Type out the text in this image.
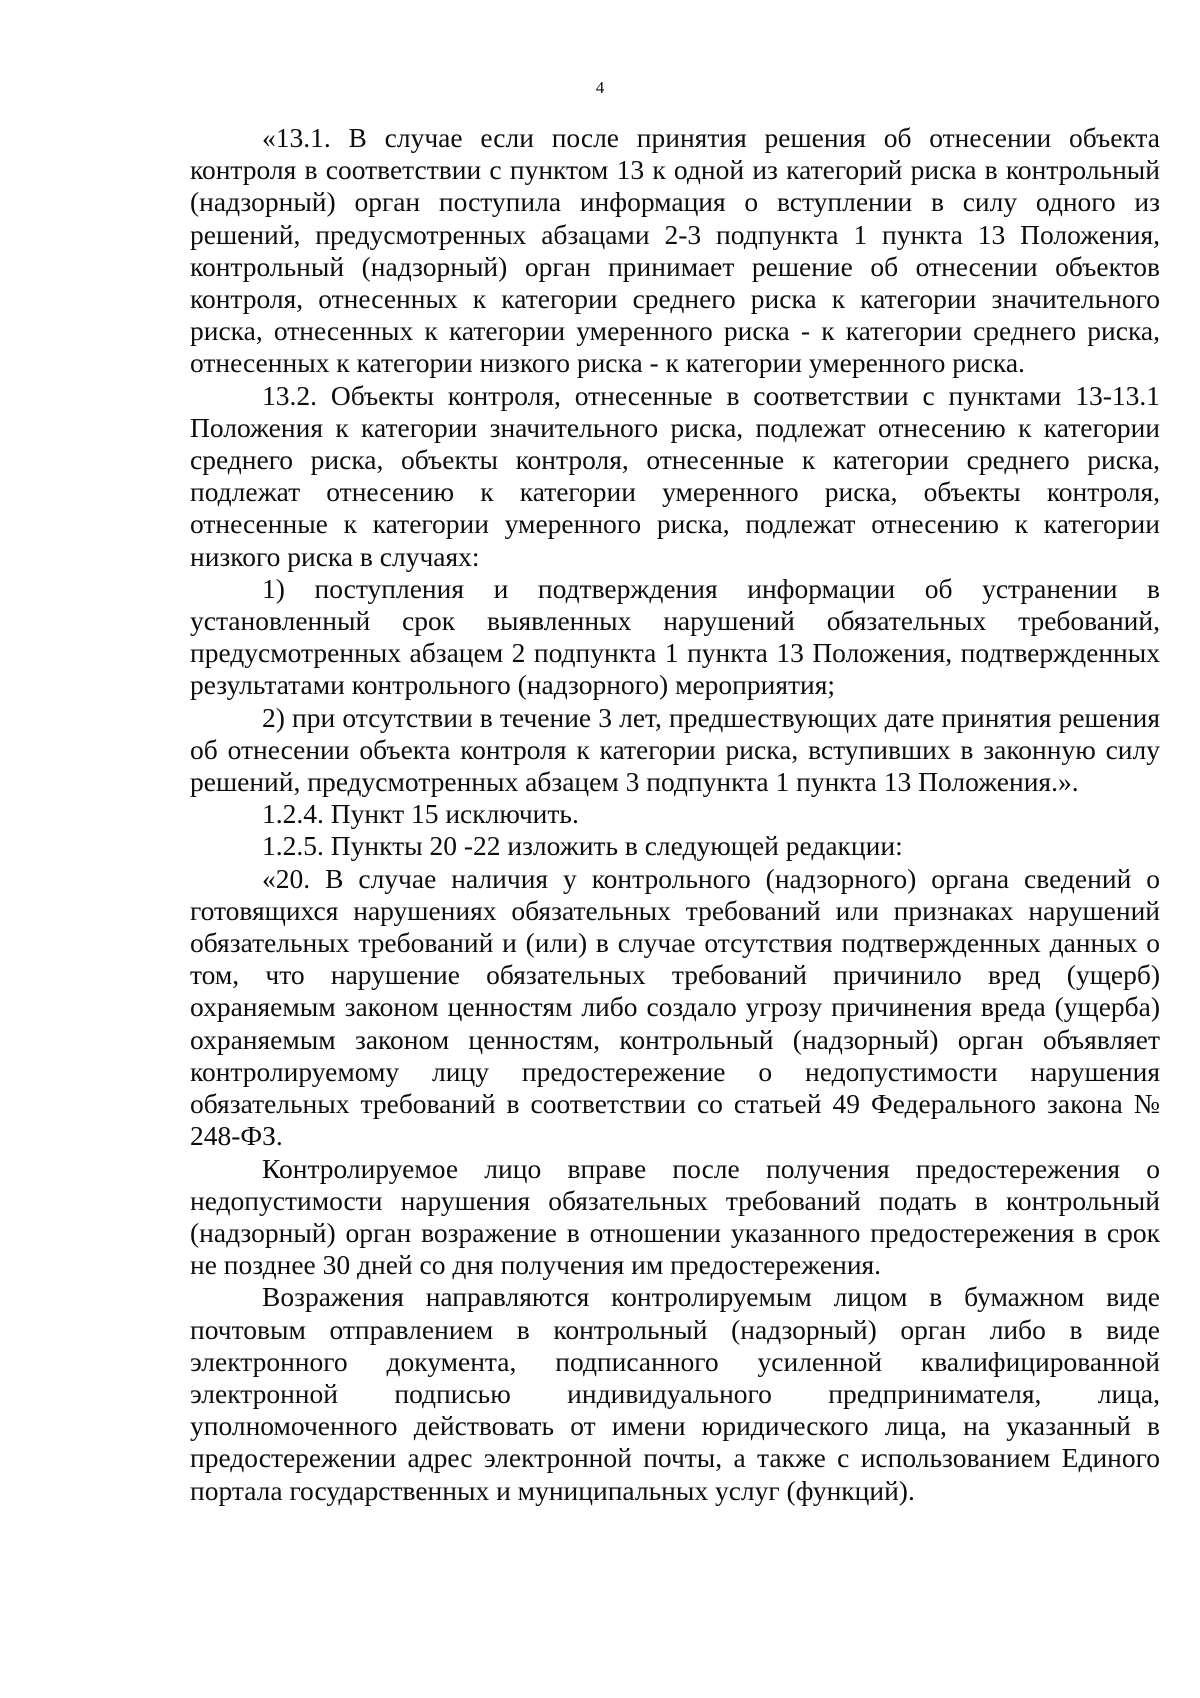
4

«13.1. В случае если после принятия решения об отнесении объекта контроля в соответствии с пунктом 13 к одной из категорий риска в контрольный (надзорный) орган поступила информация о вступлении в силу одного из решений, предусмотренных абзацами 2-3 подпункта 1 пункта 13 Положения, контрольный (надзорный) орган принимает решение об отнесении объектов контроля, отнесенных к категории среднего риска к категории значительного риска, отнесенных к категории умеренного риска - к категории среднего риска, отнесенных к категории низкого риска - к категории умеренного риска.

13.2. Объекты контроля, отнесенные в соответствии с пунктами 13-13.1 Положения к категории значительного риска, подлежат отнесению к категории среднего риска, объекты контроля, отнесенные к категории среднего риска, подлежат отнесению к категории умеренного риска, объекты контроля, отнесенные к категории умеренного риска, подлежат отнесению к категории низкого риска в случаях:

1) поступления и подтверждения информации об устранении в установленный срок выявленных нарушений обязательных требований, предусмотренных абзацем 2 подпункта 1 пункта 13 Положения, подтвержденных результатами контрольного (надзорного) мероприятия;

2) при отсутствии в течение 3 лет, предшествующих дате принятия решения об отнесении объекта контроля к категории риска, вступивших в законную силу решений, предусмотренных абзацем 3 подпункта 1 пункта 13 Положения.».

1.2.4. Пункт 15 исключить.

1.2.5. Пункты 20 -22 изложить в следующей редакции:

«20. В случае наличия у контрольного (надзорного) органа сведений о готовящихся нарушениях обязательных требований или признаках нарушений обязательных требований и (или) в случае отсутствия подтвержденных данных о том, что нарушение обязательных требований причинило вред (ущерб) охраняемым законом ценностям либо создало угрозу причинения вреда (ущерба) охраняемым законом ценностям, контрольный (надзорный) орган объявляет контролируемому лицу предостережение о недопустимости нарушения обязательных требований в соответствии со статьей 49 Федерального закона № 248-ФЗ.

Контролируемое лицо вправе после получения предостережения о недопустимости нарушения обязательных требований подать в контрольный (надзорный) орган возражение в отношении указанного предостережения в срок не позднее 30 дней со дня получения им предостережения.

Возражения направляются контролируемым лицом в бумажном виде почтовым отправлением в контрольный (надзорный) орган либо в виде электронного документа, подписанного усиленной квалифицированной электронной подписью индивидуального предпринимателя, лица, уполномоченного действовать от имени юридического лица, на указанный в предостережении адрес электронной почты, а также с использованием Единого портала государственных и муниципальных услуг (функций).
